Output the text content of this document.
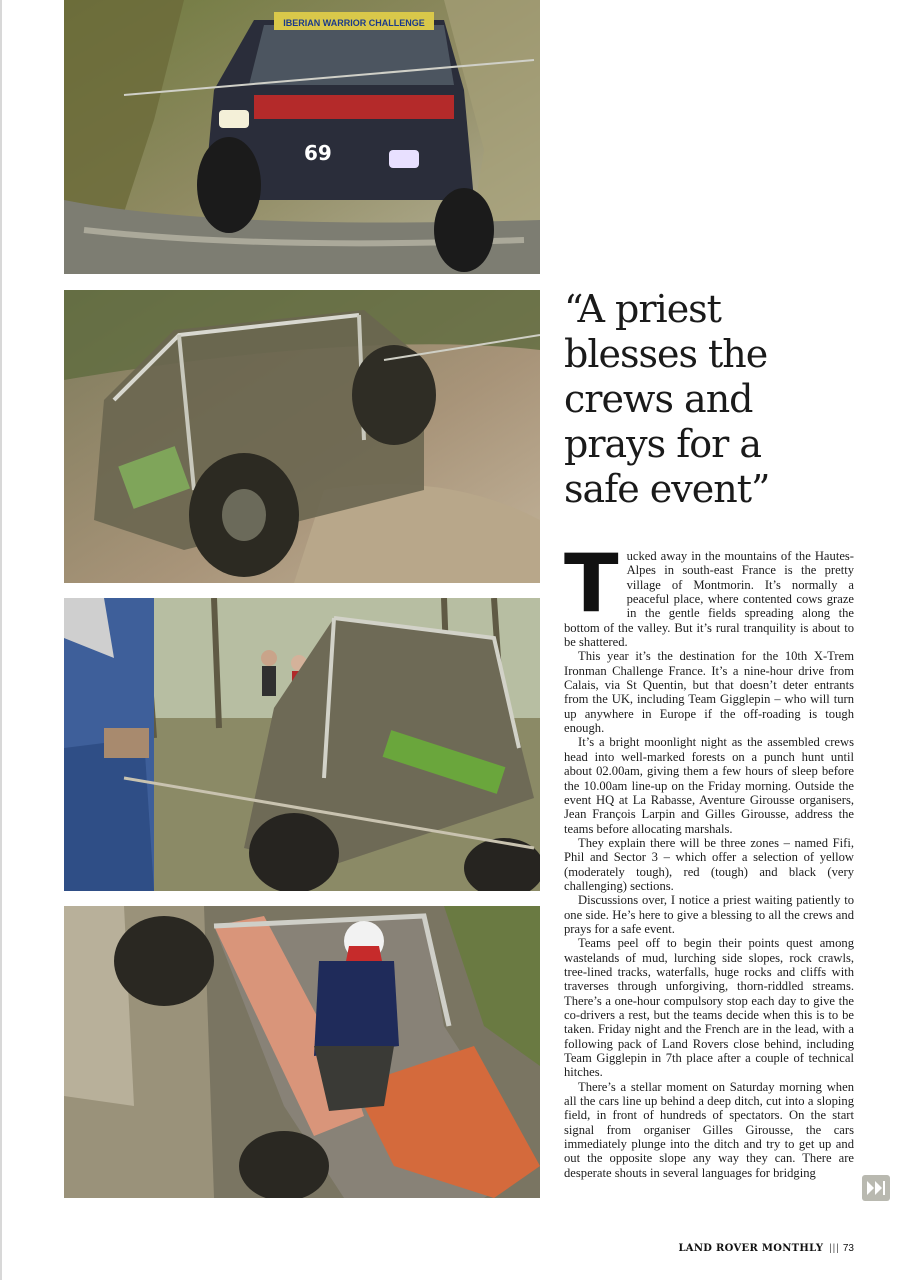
IBERIAN WARRIOR CHALLENGE
69
“A priest
blesses the
crews and
prays for a
safe event”

Tucked away in the mountains of the Hautes-Alpes in south-east France is the pretty village of Montmorin. It’s normally a peaceful place, where contented cows graze in the gentle fields spreading along the bottom of the valley. But it’s rural tranquility is about to be shattered.

This year it’s the destination for the 10th X-Trem Ironman Challenge France. It’s a nine-hour drive from Calais, via St Quentin, but that doesn’t deter entrants from the UK, including Team Gigglepin – who will turn up anywhere in Europe if the off-roading is tough enough.

It’s a bright moonlight night as the assembled crews head into well-marked forests on a punch hunt until about 02.00am, giving them a few hours of sleep before the 10.00am line-up on the Friday morning. Outside the event HQ at La Rabasse, Aventure Girousse organisers, Jean François Larpin and Gilles Girousse, address the teams before allocating marshals.

They explain there will be three zones – named Fifi, Phil and Sector 3 – which offer a selection of yellow (moderately tough), red (tough) and black (very challenging) sections.

Discussions over, I notice a priest waiting patiently to one side. He’s here to give a blessing to all the crews and prays for a safe event.

Teams peel off to begin their points quest among wastelands of mud, lurching side slopes, rock crawls, tree-lined tracks, waterfalls, huge rocks and cliffs with traverses through unforgiving, thorn-riddled streams. There’s a one-hour compulsory stop each day to give the co-drivers a rest, but the teams decide when this is to be taken. Friday night and the French are in the lead, with a following pack of Land Rovers close behind, including Team Gigglepin in 7th place after a couple of technical hitches.

There’s a stellar moment on Saturday morning when all the cars line up behind a deep ditch, cut into a sloping field, in front of hundreds of spectators. On the start signal from organiser Gilles Girousse, the cars immediately plunge into the ditch and try to get up and out the opposite slope any way they can. There are desperate shouts in several languages for bridging

LAND ROVER MONTHLY ||| 73
